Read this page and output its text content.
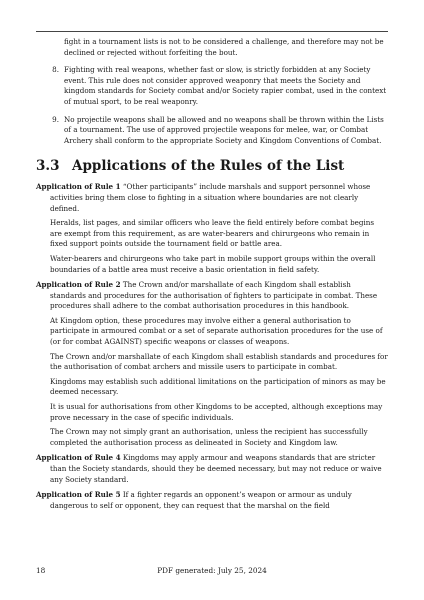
fight in a tournament lists is not to be considered a challenge, and therefore may not be declined or rejected without forfeiting the bout.

8. Fighting with real weapons, whether fast or slow, is strictly forbidden at any Society event. This rule does not consider approved weaponry that meets the Society and kingdom standards for Society combat and/or Society rapier combat, used in the context of mutual sport, to be real weaponry.
9. No projectile weapons shall be allowed and no weapons shall be thrown within the Lists of a tournament. The use of approved projectile weapons for melee, war, or Combat Archery shall conform to the appropriate Society and Kingdom Conventions of Combat.
3.3 Applications of the Rules of the List

Application of Rule 1 “Other participants” include marshals and support personnel whose activities bring them close to fighting in a situation where boundaries are not clearly defined.

Heralds, list pages, and similar officers who leave the field entirely before combat begins are exempt from this requirement, as are water-bearers and chirurgeons who remain in fixed support points outside the tournament field or battle area.

Water-bearers and chirurgeons who take part in mobile support groups within the overall boundaries of a battle area must receive a basic orientation in field safety.

Application of Rule 2 The Crown and/or marshallate of each Kingdom shall establish standards and procedures for the authorisation of fighters to participate in combat. These procedures shall adhere to the combat authorisation procedures in this handbook.

At Kingdom option, these procedures may involve either a general authorisation to participate in armoured combat or a set of separate authorisation procedures for the use of (or for combat AGAINST) specific weapons or classes of weapons.

The Crown and/or marshallate of each Kingdom shall establish standards and procedures for the authorisation of combat archers and missile users to participate in combat.

Kingdoms may establish such additional limitations on the participation of minors as may be deemed necessary.

It is usual for authorisations from other Kingdoms to be accepted, although exceptions may prove necessary in the case of specific individuals.

The Crown may not simply grant an authorisation, unless the recipient has successfully completed the authorisation process as delineated in Society and Kingdom law.

Application of Rule 4 Kingdoms may apply armour and weapons standards that are stricter than the Society standards, should they be deemed necessary, but may not reduce or waive any Society standard.

Application of Rule 5 If a fighter regards an opponent’s weapon or armour as unduly dangerous to self or opponent, they can request that the marshal on the field

18	PDF generated: July 25, 2024
